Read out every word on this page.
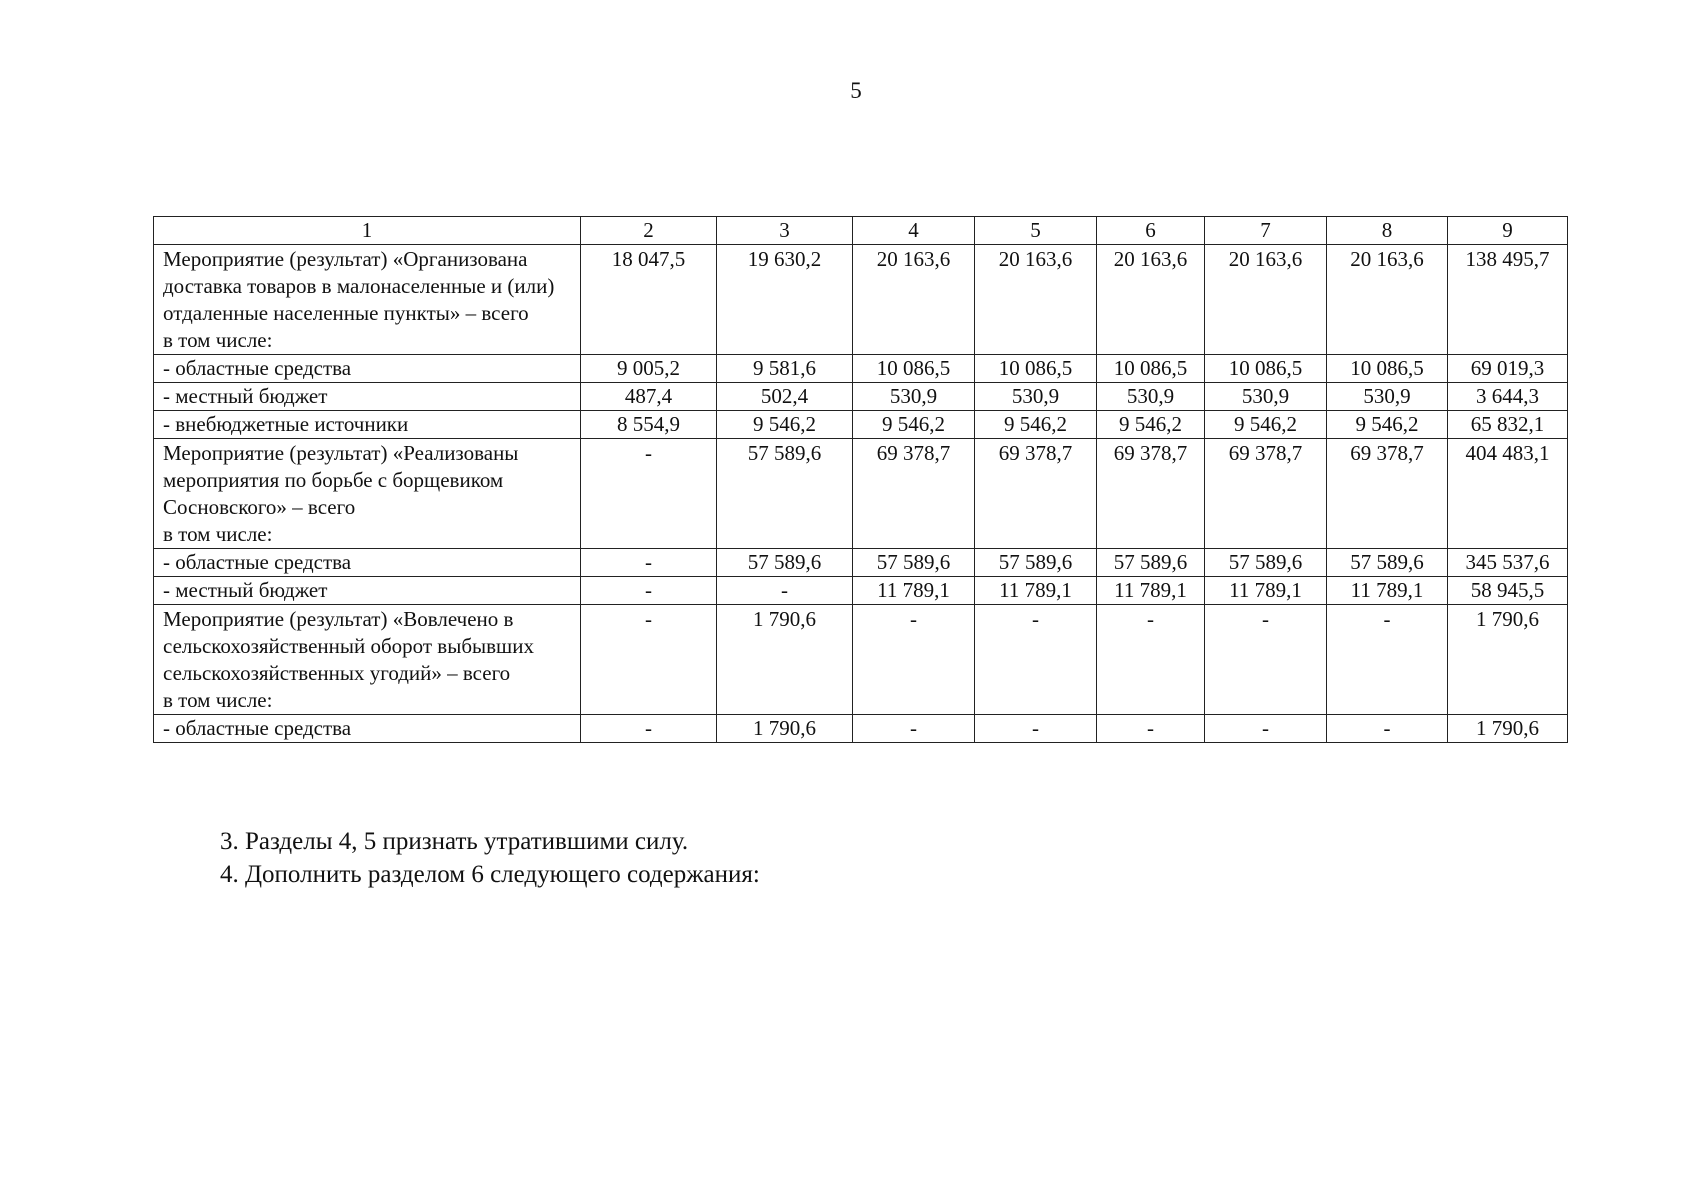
5
1	2	3	4	5	6	7	8	9
Мероприятие (результат) «Организована доставка товаров в малонаселенные и (или) отдаленные населенные пункты» – всего
в том числе:	18 047,5	19 630,2	20 163,6	20 163,6	20 163,6	20 163,6	20 163,6	138 495,7
- областные средства	9 005,2	9 581,6	10 086,5	10 086,5	10 086,5	10 086,5	10 086,5	69 019,3
- местный бюджет	487,4	502,4	530,9	530,9	530,9	530,9	530,9	3 644,3
- внебюджетные источники	8 554,9	9 546,2	9 546,2	9 546,2	9 546,2	9 546,2	9 546,2	65 832,1
Мероприятие (результат) «Реализованы мероприятия по борьбе с борщевиком Сосновского» – всего
в том числе:	-	57 589,6	69 378,7	69 378,7	69 378,7	69 378,7	69 378,7	404 483,1
- областные средства	-	57 589,6	57 589,6	57 589,6	57 589,6	57 589,6	57 589,6	345 537,6
- местный бюджет	-	-	11 789,1	11 789,1	11 789,1	11 789,1	11 789,1	58 945,5
Мероприятие (результат) «Вовлечено в сельскохозяйственный оборот выбывших сельскохозяйственных угодий» – всего
в том числе:	-	1 790,6	-	-	-	-	-	1 790,6
- областные средства	-	1 790,6	-	-	-	-	-	1 790,6
3. Разделы 4, 5 признать утратившими силу.
4. Дополнить разделом 6 следующего содержания:
